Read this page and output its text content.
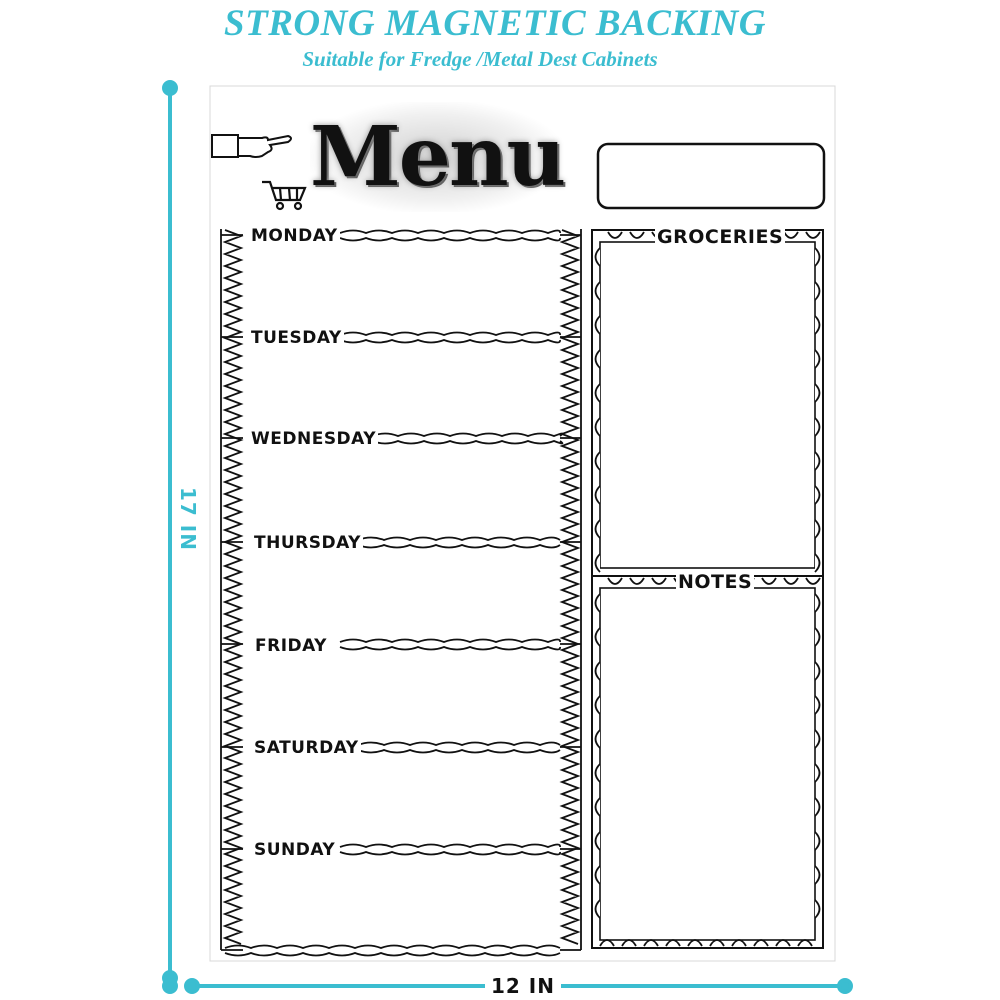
STRONG MAGNETIC BACKING
Suitable for Fredge /Metal Dest Cabinets
17 IN
12 IN
Menu
MONDAY
TUESDAY
WEDNESDAY
THURSDAY
FRIDAY
SATURDAY
SUNDAY
GROCERIES
NOTES
